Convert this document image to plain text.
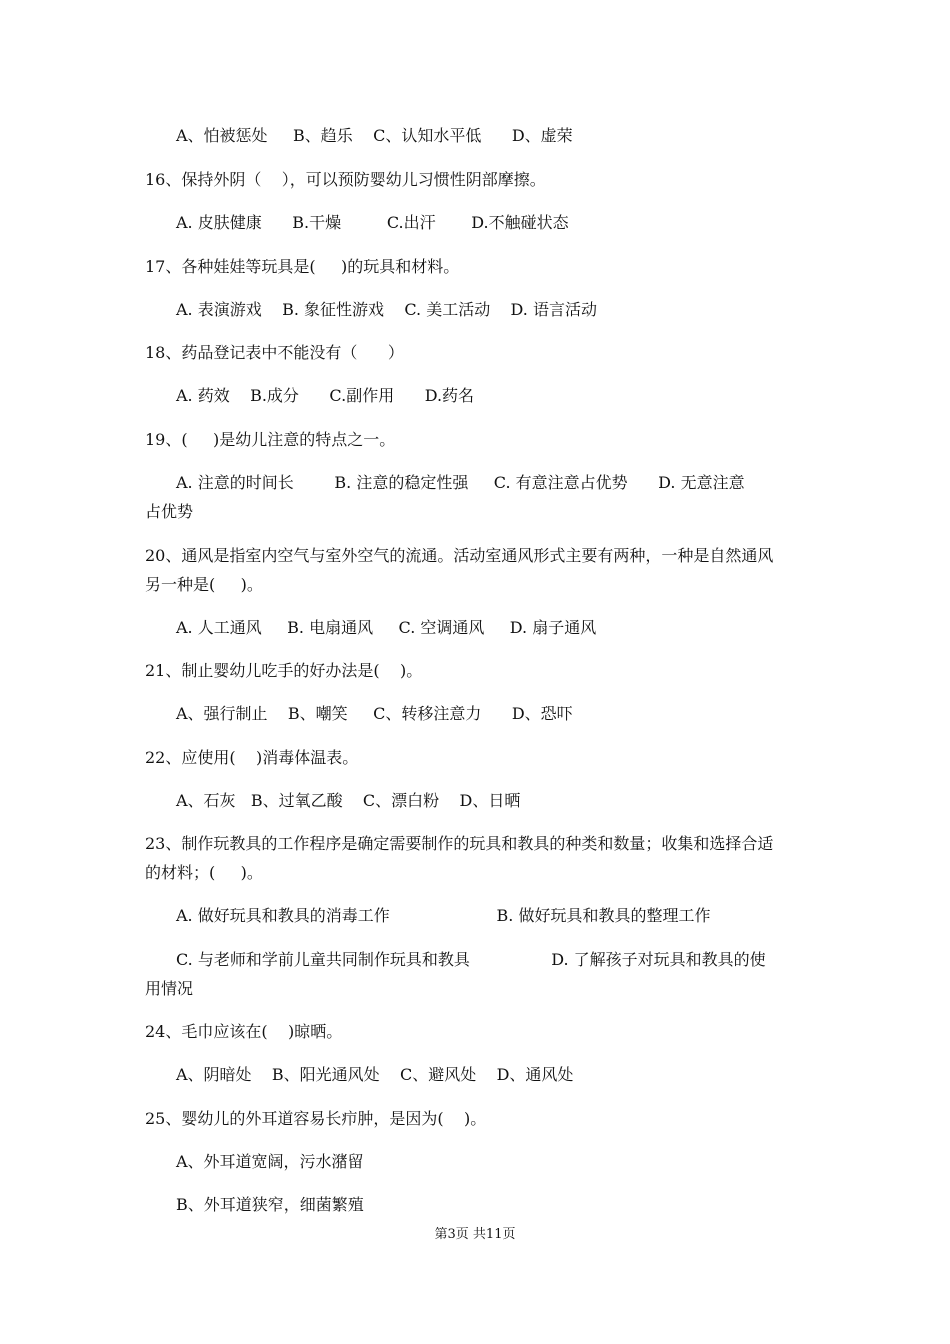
A、怕被惩处     B、趋乐    C、认知水平低      D、虚荣
16、保持外阴（    ），可以预防婴幼儿习惯性阴部摩擦。
A. 皮肤健康      B.干燥         C.出汗       D.不触碰状态
17、各种娃娃等玩具是(     )的玩具和材料。
A. 表演游戏    B. 象征性游戏    C. 美工活动    D. 语言活动
18、药品登记表中不能没有（      ）
A. 药效    B.成分      C.副作用      D.药名
19、(     )是幼儿注意的特点之一。
A. 注意的时间长        B. 注意的稳定性强     C. 有意注意占优势      D. 无意注意
占优势
20、通风是指室内空气与室外空气的流通。活动室通风形式主要有两种，一种是自然通风
另一种是(     )。
A. 人工通风     B. 电扇通风     C. 空调通风     D. 扇子通风
21、制止婴幼儿吃手的好办法是(    )。
A、强行制止    B、嘲笑     C、转移注意力      D、恐吓
22、应使用(    )消毒体温表。
A、石灰   B、过氧乙酸    C、漂白粉    D、日晒
23、制作玩教具的工作程序是确定需要制作的玩具和教具的种类和数量；收集和选择合适
的材料；(     )。
A. 做好玩具和教具的消毒工作                     B. 做好玩具和教具的整理工作
C. 与老师和学前儿童共同制作玩具和教具                D. 了解孩子对玩具和教具的使
用情况
24、毛巾应该在(    )晾晒。
A、阴暗处    B、阳光通风处    C、避风处    D、通风处
25、婴幼儿的外耳道容易长疖肿，是因为(    )。
A、外耳道宽阔，污水潴留
B、外耳道狭窄，细菌繁殖
第3页 共11页
